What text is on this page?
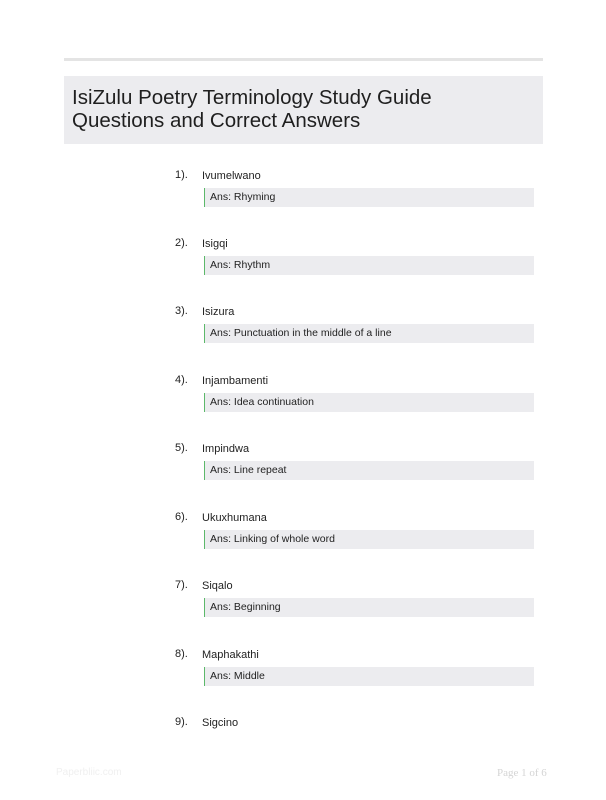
IsiZulu Poetry Terminology Study Guide
Questions and Correct Answers
1). Ivumelwano
Ans: Rhyming
2). Isigqi
Ans: Rhythm
3). Isizura
Ans: Punctuation in the middle of a line
4). Injambamenti
Ans: Idea continuation
5). Impindwa
Ans: Line repeat
6). Ukuxhumana
Ans: Linking of whole word
7). Siqalo
Ans: Beginning
8). Maphakathi
Ans: Middle
9). Sigcino
Paperbliic.com	Page 1 of 6
